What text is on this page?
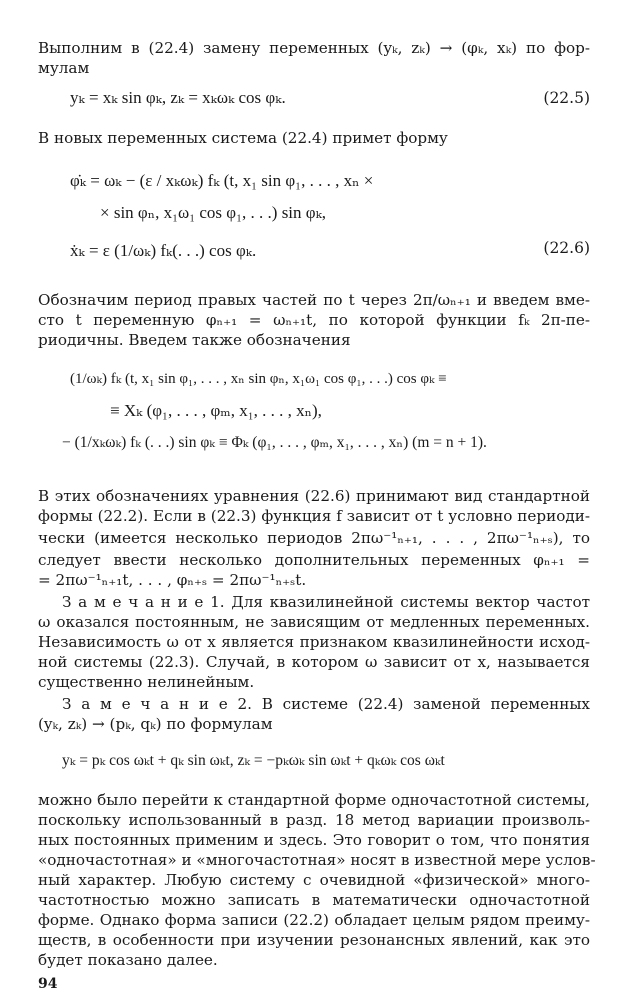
Выполним в (22.4) замену переменных (yₖ, zₖ) → (φₖ, xₖ) по фор-
мулам
yₖ = xₖ sin φₖ, zₖ = xₖωₖ cos φₖ.	(22.5)
В новых переменных система (22.4) примет форму
φ̇ₖ = ωₖ − (ε / xₖωₖ) fₖ (t, x₁ sin φ₁, . . . , xₙ ×
× sin φₙ, x₁ω₁ cos φ₁, . . .) sin φₖ,
ẋₖ = ε (1/ωₖ) fₖ(. . .) cos φₖ.	(22.6)
Обозначим период правых частей по t через 2π/ωₙ₊₁ и введем вме-
сто t переменную φₙ₊₁ = ωₙ₊₁t, по которой функции fₖ 2π-пе-
риодичны. Введем также обозначения
(1/ωₖ) fₖ (t, x₁ sin φ₁, . . . , xₙ sin φₙ, x₁ω₁ cos φ₁, . . .) cos φₖ ≡
≡ Xₖ (φ₁, . . . , φₘ, x₁, . . . , xₙ),
− (1/xₖωₖ) fₖ (. . .) sin φₖ ≡ Φₖ (φ₁, . . . , φₘ, x₁, . . . , xₙ) (m = n + 1).
В этих обозначениях уравнения (22.6) принимают вид стандартной
формы (22.2). Если в (22.3) функция f зависит от t условно периоди-
чески (имеется несколько периодов 2πω⁻¹ₙ₊₁, . . . , 2πω⁻¹ₙ₊ₛ), то
следует ввести несколько дополнительных переменных φₙ₊₁ =
= 2πω⁻¹ₙ₊₁t, . . . , φₙ₊ₛ = 2πω⁻¹ₙ₊ₛt.
З а м е ч а н и е 1. Для квазилинейной системы вектор частот
ω оказался постоянным, не зависящим от медленных переменных.
Независимость ω от x является признаком квазилинейности исход-
ной системы (22.3). Случай, в котором ω зависит от x, называется
существенно нелинейным.
З а м е ч а н и е 2. В системе (22.4) заменой переменных
(yₖ, zₖ) → (pₖ, qₖ) по формулам
yₖ = pₖ cos ωₖt + qₖ sin ωₖt, zₖ = −pₖωₖ sin ωₖt + qₖωₖ cos ωₖt
можно было перейти к стандартной форме одночастотной системы,
поскольку использованный в разд. 18 метод вариации произволь-
ных постоянных применим и здесь. Это говорит о том, что понятия
«одночастотная» и «многочастотная» носят в известной мере услов-
ный характер. Любую систему с очевидной «физической» много-
частотностью можно записать в математически одночастотной
форме. Однако форма записи (22.2) обладает целым рядом преиму-
ществ, в особенности при изучении резонансных явлений, как это
будет показано далее.
94
